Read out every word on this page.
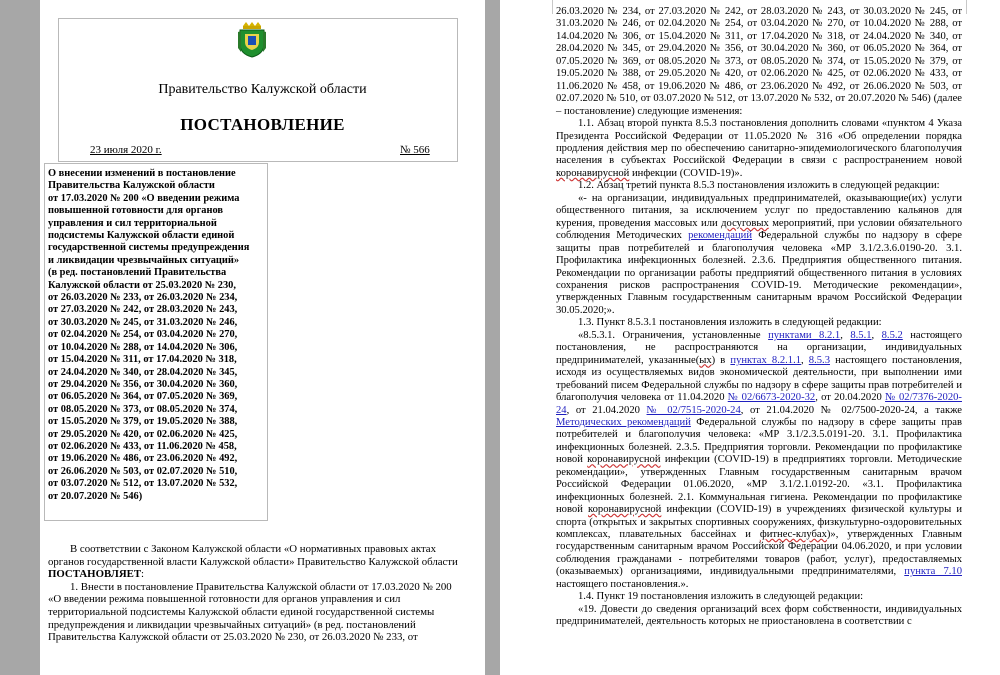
Правительство Калужской области
ПОСТАНОВЛЕНИЕ
23 июля 2020 г.	№ 566
О внесении изменений в постановление
Правительства Калужской области
от 17.03.2020 № 200 «О введении режима
повышенной готовности для органов
управления и сил территориальной
подсистемы Калужской области единой
государственной системы предупреждения
и ликвидации чрезвычайных ситуаций»
(в ред. постановлений Правительства
Калужской области от 25.03.2020 № 230,
от 26.03.2020 № 233, от 26.03.2020 № 234,
от 27.03.2020 № 242, от 28.03.2020 № 243,
от 30.03.2020 № 245, от 31.03.2020 № 246,
от 02.04.2020 № 254, от 03.04.2020 № 270,
от 10.04.2020 № 288, от 14.04.2020 № 306,
от 15.04.2020 № 311, от 17.04.2020 № 318,
от 24.04.2020 № 340, от 28.04.2020 № 345,
от 29.04.2020 № 356, от 30.04.2020 № 360,
от 06.05.2020 № 364, от 07.05.2020 № 369,
от 08.05.2020 № 373, от 08.05.2020 № 374,
от 15.05.2020 № 379, от 19.05.2020 № 388,
от 29.05.2020 № 420, от 02.06.2020 № 425,
от 02.06.2020 № 433, от 11.06.2020 № 458,
от 19.06.2020 № 486, от 23.06.2020 № 492,
от 26.06.2020 № 503, от 02.07.2020 № 510,
от 03.07.2020 № 512, от 13.07.2020 № 532,
от 20.07.2020 № 546)

В соответствии с Законом Калужской области «О нормативных правовых актах органов государственной власти Калужской области» Правительство Калужской области ПОСТАНОВЛЯЕТ:

1. Внести в постановление Правительства Калужской области от 17.03.2020 № 200 «О введении режима повышенной готовности для органов управления и сил территориальной подсистемы Калужской области единой государственной системы предупреждения и ликвидации чрезвычайных ситуаций» (в ред. постановлений Правительства Калужской области от 25.03.2020 № 230, от 26.03.2020 № 233, от

26.03.2020 № 234, от 27.03.2020 № 242, от 28.03.2020 № 243, от 30.03.2020 № 245, от 31.03.2020 № 246, от 02.04.2020 № 254, от 03.04.2020 № 270, от 10.04.2020 № 288, от 14.04.2020 № 306, от 15.04.2020 № 311, от 17.04.2020 № 318, от 24.04.2020 № 340, от 28.04.2020 № 345, от 29.04.2020 № 356, от 30.04.2020 № 360, от 06.05.2020 № 364, от 07.05.2020 № 369, от 08.05.2020 № 373, от 08.05.2020 № 374, от 15.05.2020 № 379, от 19.05.2020 № 388, от 29.05.2020 № 420, от 02.06.2020 № 425, от 02.06.2020 № 433, от 11.06.2020 № 458, от 19.06.2020 № 486, от 23.06.2020 № 492, от 26.06.2020 № 503, от 02.07.2020 № 510, от 03.07.2020 № 512, от 13.07.2020 № 532, от 20.07.2020 № 546) (далее – постановление) следующие изменения:

1.1. Абзац второй пункта 8.5.3 постановления дополнить словами «пунктом 4 Указа Президента Российской Федерации от 11.05.2020 № 316 «Об определении порядка продления действия мер по обеспечению санитарно-эпидемиологического благополучия населения в субъектах Российской Федерации в связи с распространением новой коронавирусной инфекции (COVID-19)».

1.2. Абзац третий пункта 8.5.3 постановления изложить в следующей редакции:

«- на организации, индивидуальных предпринимателей, оказывающие(их) услуги общественного питания, за исключением услуг по предоставлению кальянов для курения, проведения массовых или досуговых мероприятий, при условии обязательного соблюдения Методических рекомендаций Федеральной службы по надзору в сфере защиты прав потребителей и благополучия человека «МР 3.1/2.3.6.0190-20. 3.1. Профилактика инфекционных болезней. 2.3.6. Предприятия общественного питания. Рекомендации по организации работы предприятий общественного питания в условиях сохранения рисков распространения COVID-19. Методические рекомендации», утвержденных Главным государственным санитарным врачом Российской Федерации 30.05.2020;».

1.3. Пункт 8.5.3.1 постановления изложить в следующей редакции:

«8.5.3.1. Ограничения, установленные пунктами 8.2.1, 8.5.1, 8.5.2 настоящего постановления, не распространяются на организации, индивидуальных предпринимателей, указанные(ых) в пунктах 8.2.1.1, 8.5.3 настоящего постановления, исходя из осуществляемых видов экономической деятельности, при выполнении ими требований писем Федеральной службы по надзору в сфере защиты прав потребителей и благополучия человека от 11.04.2020 № 02/6673-2020-32, от 20.04.2020 № 02/7376-2020-24, от 21.04.2020 № 02/7515-2020-24, от 21.04.2020 № 02/7500-2020-24, а также Методических рекомендаций Федеральной службы по надзору в сфере защиты прав потребителей и благополучия человека: «МР 3.1/2.3.5.0191-20. 3.1. Профилактика инфекционных болезней. 2.3.5. Предприятия торговли. Рекомендации по профилактике новой коронавирусной инфекции (COVID-19) в предприятиях торговли. Методические рекомендации», утвержденных Главным государственным санитарным врачом Российской Федерации 01.06.2020, «МР 3.1/2.1.0192-20. «3.1. Профилактика инфекционных болезней. 2.1. Коммунальная гигиена. Рекомендации по профилактике новой коронавирусной инфекции (COVID-19) в учреждениях физической культуры и спорта (открытых и закрытых спортивных сооружениях, физкультурно-оздоровительных комплексах, плавательных бассейнах и фитнес-клубах)», утвержденных Главным государственным санитарным врачом Российской Федерации 04.06.2020, и при условии соблюдения гражданами - потребителями товаров (работ, услуг), предоставляемых (оказываемых) организациями, индивидуальными предпринимателями, пункта 7.10 настоящего постановления.».

1.4. Пункт 19 постановления изложить в следующей редакции:

«19. Довести до сведения организаций всех форм собственности, индивидуальных предпринимателей, деятельность которых не приостановлена в соответствии с
